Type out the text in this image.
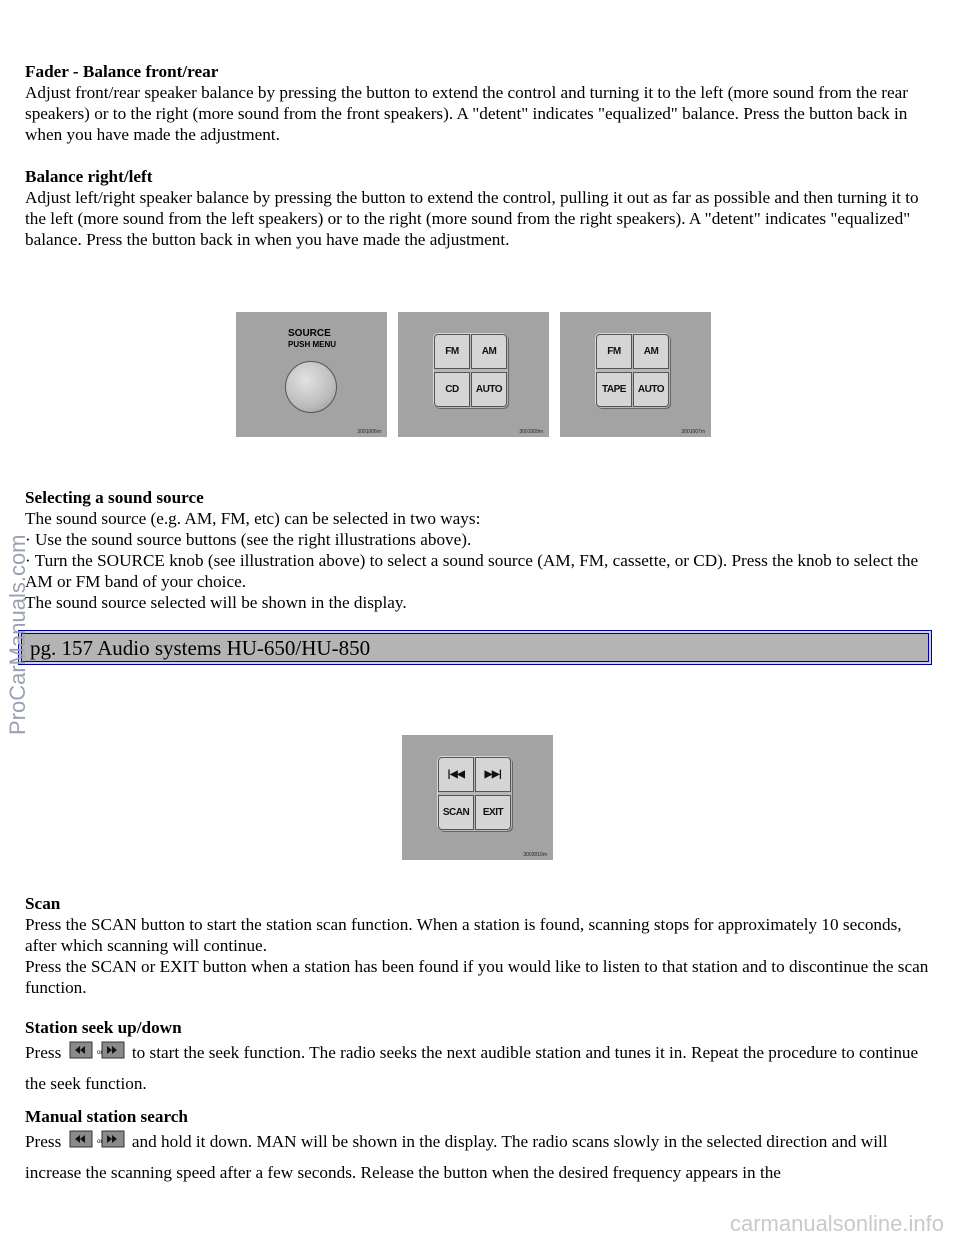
Fader - Balance front/rear

Adjust front/rear speaker balance by pressing the button to extend the control and turning it to the left (more sound from the rear speakers) or to the right (more sound from the front speakers). A "detent" indicates "equalized" balance. Press the button back in when you have made the adjustment.

Balance right/left

Adjust left/right speaker balance by pressing the button to extend the control, pulling it out as far as possible and then turning it to the left (more sound from the left speakers) or to the right (more sound from the right speakers). A "detent" indicates "equalized" balance. Press the button back in when you have made the adjustment.

SOURCE
PUSH MENU
3001006m
FM	AM
CD	AUTO
3001009m
FM	AM
TAPE	AUTO
3001007m

Selecting a sound source

The sound source (e.g. AM, FM, etc) can be selected in two ways:

· Use the sound source buttons (see the right illustrations above).

· Turn the SOURCE knob (see illustration above) to select a sound source (AM, FM, cassette, or CD). Press the knob to select the AM or FM band of your choice.

The sound source selected will be shown in the display.

pg. 157 Audio systems HU-650/HU-850
|◀◀	▶▶|
SCAN	EXIT
3003010m

Scan

Press the SCAN button to start the station scan function. When a station is found, scanning stops for approximately 10 seconds, after which scanning will continue.

Press the SCAN or EXIT button when a station has been found if you would like to listen to that station and to discontinue the scan function.

Station seek up/down

Press	or to start the seek function. The radio seeks the next audible station and tunes it in. Repeat the procedure to continue the seek function.

Manual station search

Press	or and hold it down. MAN will be shown in the display. The radio scans slowly in the selected direction and will increase the scanning speed after a few seconds. Release the button when the desired frequency appears in the

ProCarManuals.com
carmanualsonline.info
